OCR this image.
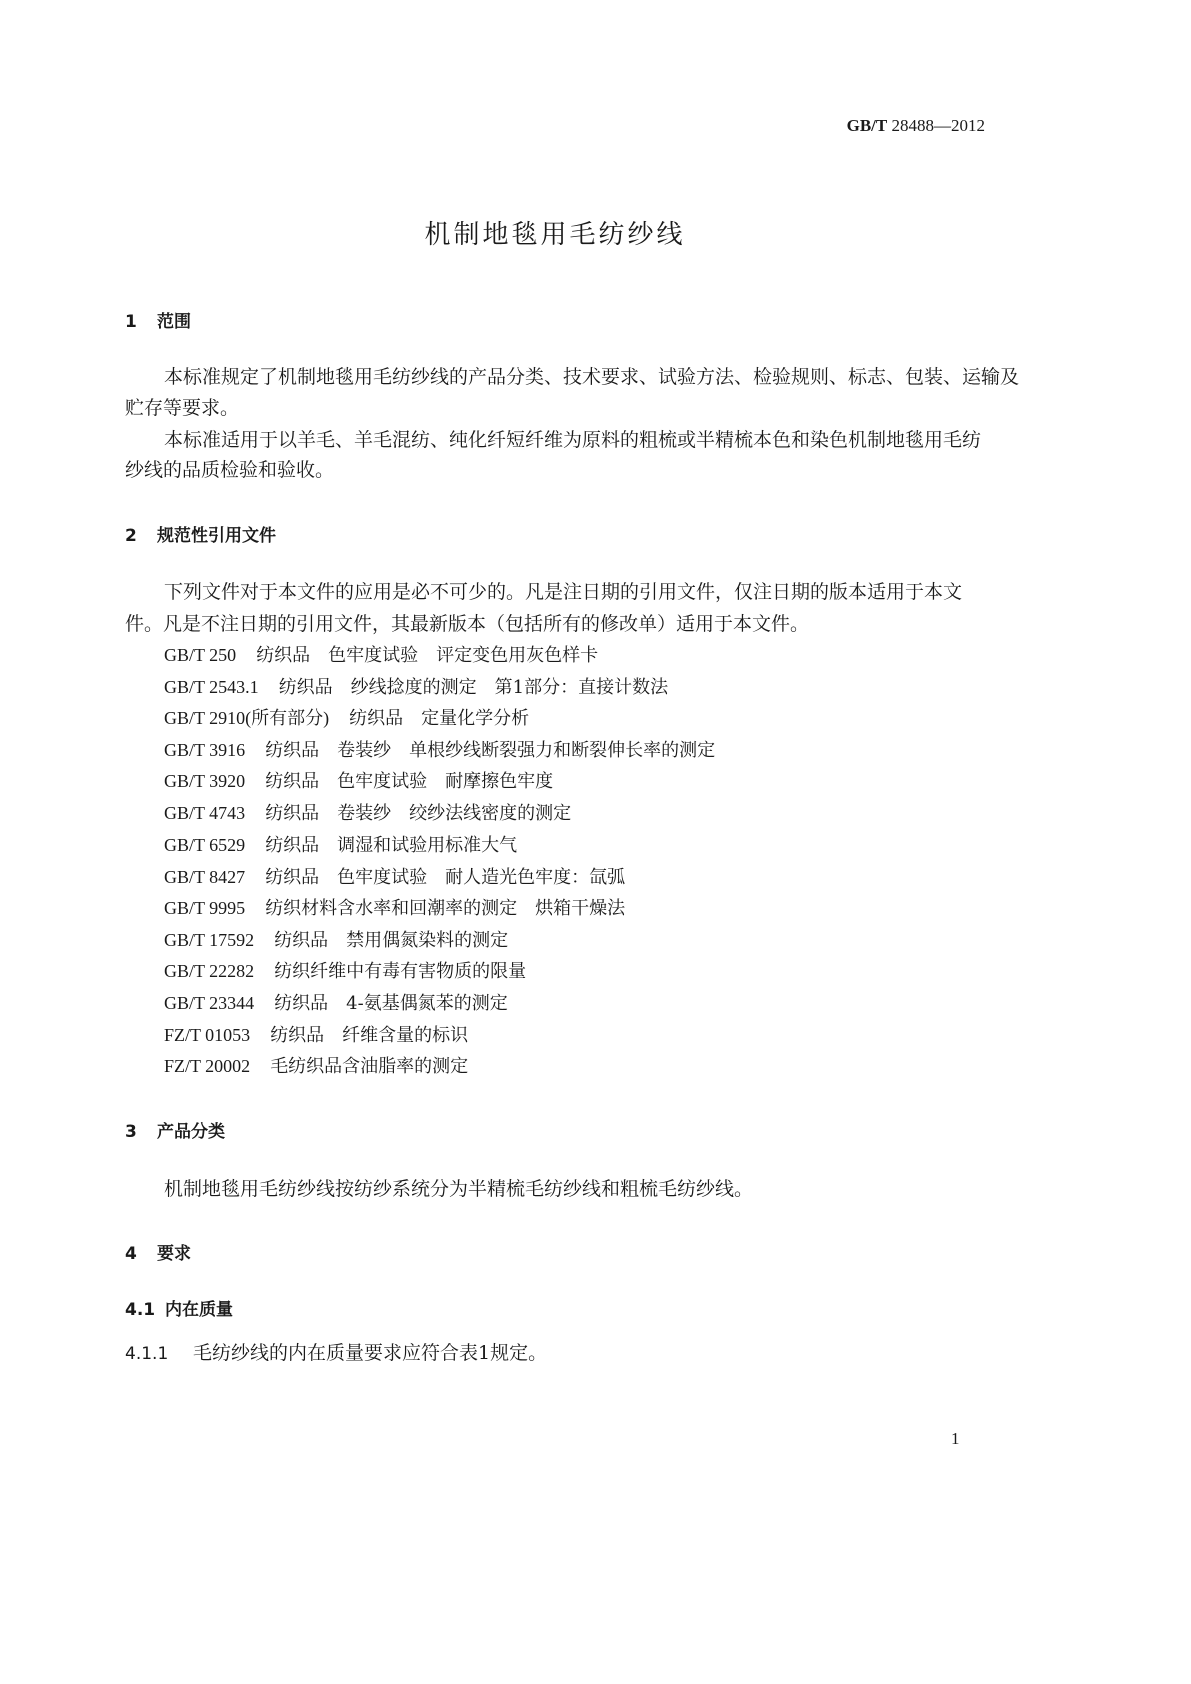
GB/T 28488—2012
机制地毯用毛纺纱线
1 范围
本标准规定了机制地毯用毛纺纱线的产品分类、技术要求、试验方法、检验规则、标志、包装、运输及
贮存等要求。
本标准适用于以羊毛、羊毛混纺、纯化纤短纤维为原料的粗梳或半精梳本色和染色机制地毯用毛纺
纱线的品质检验和验收。
2 规范性引用文件
下列文件对于本文件的应用是必不可少的。凡是注日期的引用文件，仅注日期的版本适用于本文
件。凡是不注日期的引用文件，其最新版本（包括所有的修改单）适用于本文件。
GB/T 250 纺织品　色牢度试验　评定变色用灰色样卡
GB/T 2543.1 纺织品　纱线捻度的测定　第1部分：直接计数法
GB/T 2910(所有部分) 纺织品　定量化学分析
GB/T 3916 纺织品　卷装纱　单根纱线断裂强力和断裂伸长率的测定
GB/T 3920 纺织品　色牢度试验　耐摩擦色牢度
GB/T 4743 纺织品　卷装纱　绞纱法线密度的测定
GB/T 6529 纺织品　调湿和试验用标准大气
GB/T 8427 纺织品　色牢度试验　耐人造光色牢度：氙弧
GB/T 9995 纺织材料含水率和回潮率的测定　烘箱干燥法
GB/T 17592 纺织品　禁用偶氮染料的测定
GB/T 22282 纺织纤维中有毒有害物质的限量
GB/T 23344 纺织品　4-氨基偶氮苯的测定
FZ/T 01053 纺织品　纤维含量的标识
FZ/T 20002 毛纺织品含油脂率的测定
3 产品分类
机制地毯用毛纺纱线按纺纱系统分为半精梳毛纺纱线和粗梳毛纺纱线。
4 要求
4.1 内在质量
4.1.1 毛纺纱线的内在质量要求应符合表1规定。
1
